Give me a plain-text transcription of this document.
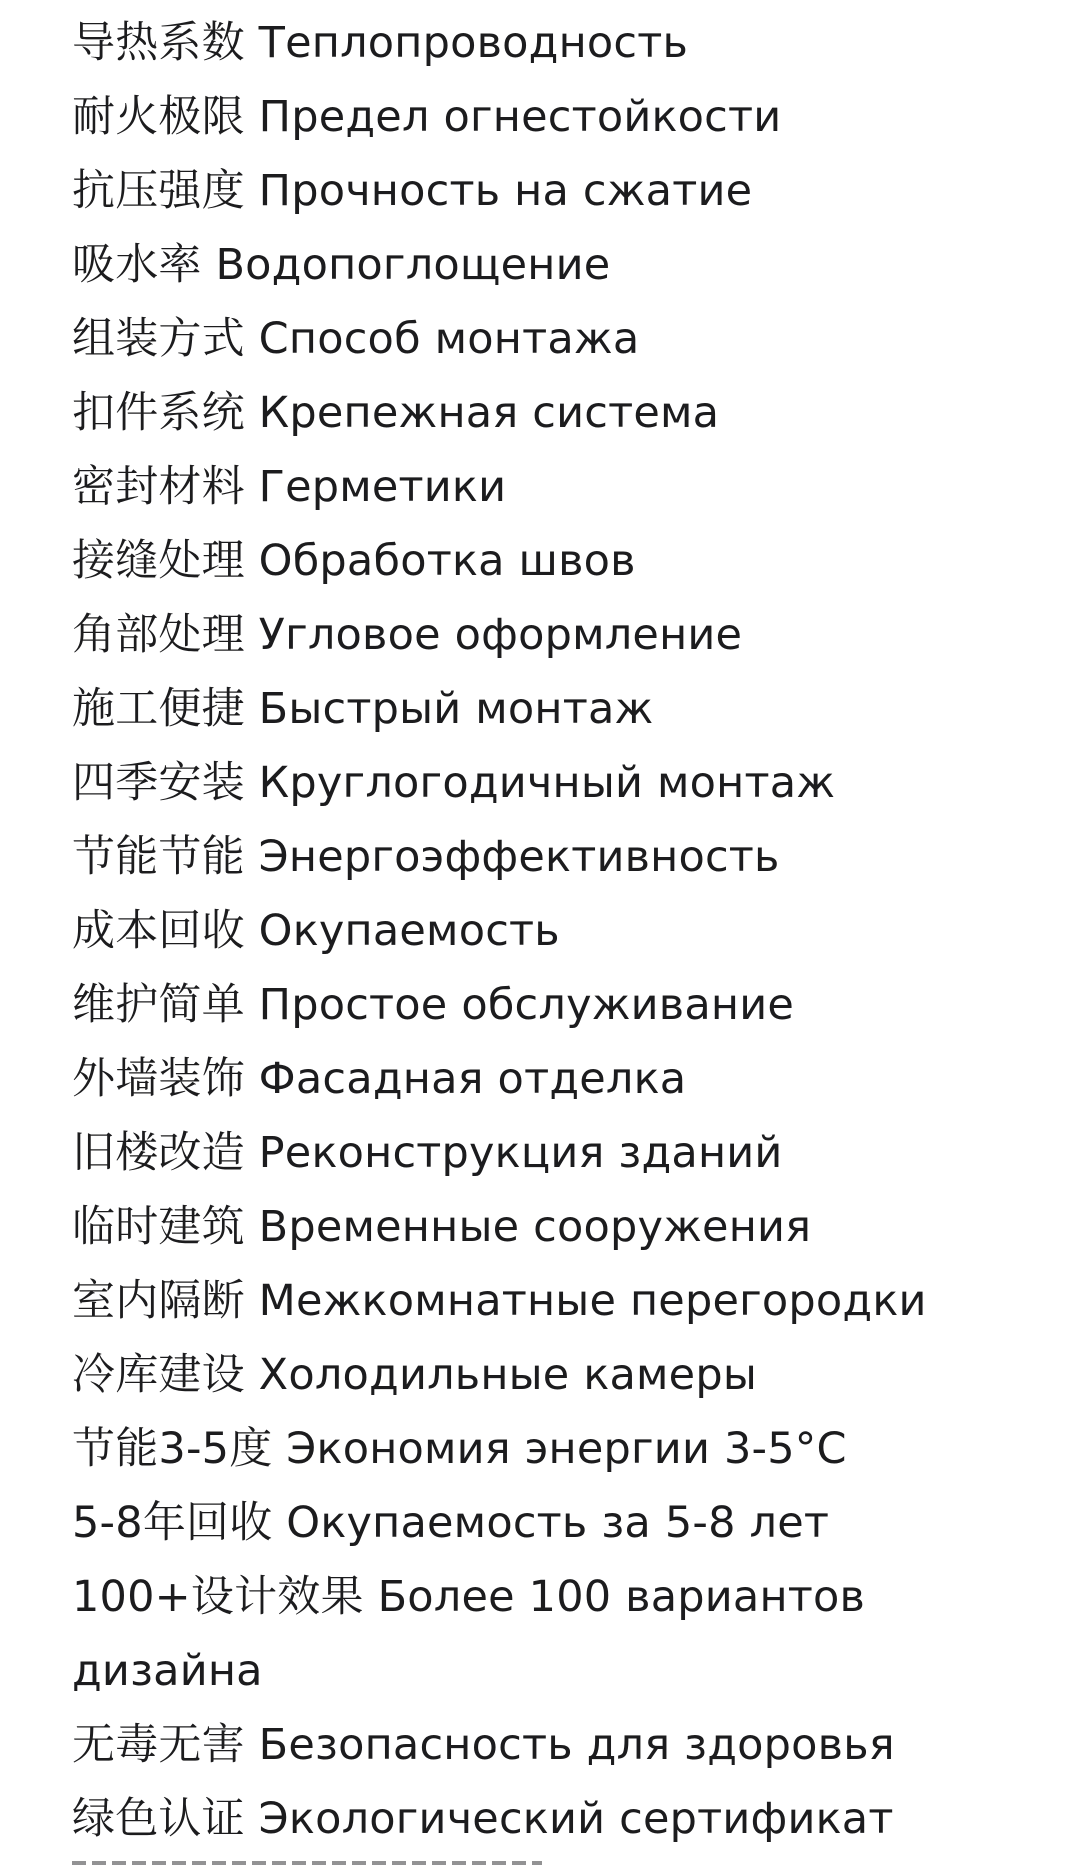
导热系数 Теплопроводность
耐火极限 Предел огнестойкости
抗压强度 Прочность на сжатие
吸水率 Водопоглощение
组装方式 Способ монтажа
扣件系统 Крепежная система
密封材料 Герметики
接缝处理 Обработка швов
角部处理 Угловое оформление
施工便捷 Быстрый монтаж
四季安装 Круглогодичный монтаж
节能节能 Энергоэффективность
成本回收 Окупаемость
维护简单 Простое обслуживание
外墙装饰 Фасадная отделка
旧楼改造 Реконструкция зданий
临时建筑 Временные сооружения
室内隔断 Межкомнатные перегородки
冷库建设 Холодильные камеры
节能3-5度 Экономия энергии 3-5°C
5-8年回收 Окупаемость за 5-8 лет
100+设计效果 Более 100 вариантов дизайна
无毒无害 Безопасность для здоровья
绿色认证 Экологический сертификат
